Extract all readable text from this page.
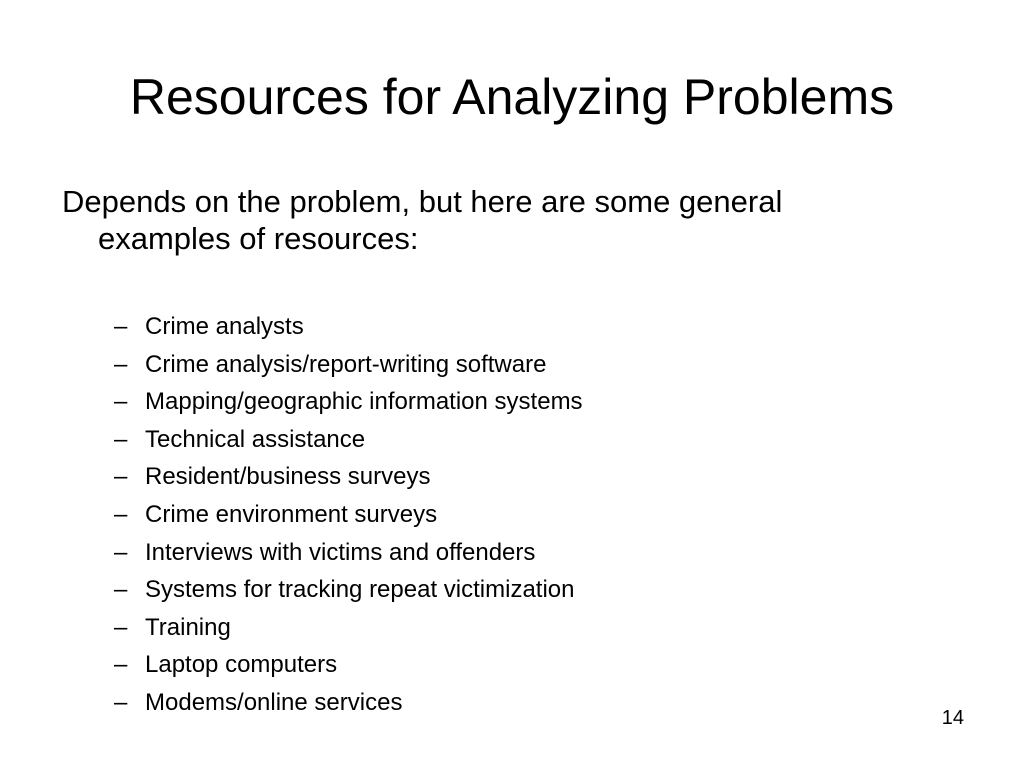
Resources for Analyzing Problems

Depends on the problem, but here are some general
examples of resources:

– Crime analysts
– Crime analysis/report-writing software
– Mapping/geographic information systems
– Technical assistance
– Resident/business surveys
– Crime environment surveys
– Interviews with victims and offenders
– Systems for tracking repeat victimization
– Training
– Laptop computers
– Modems/online services
14
